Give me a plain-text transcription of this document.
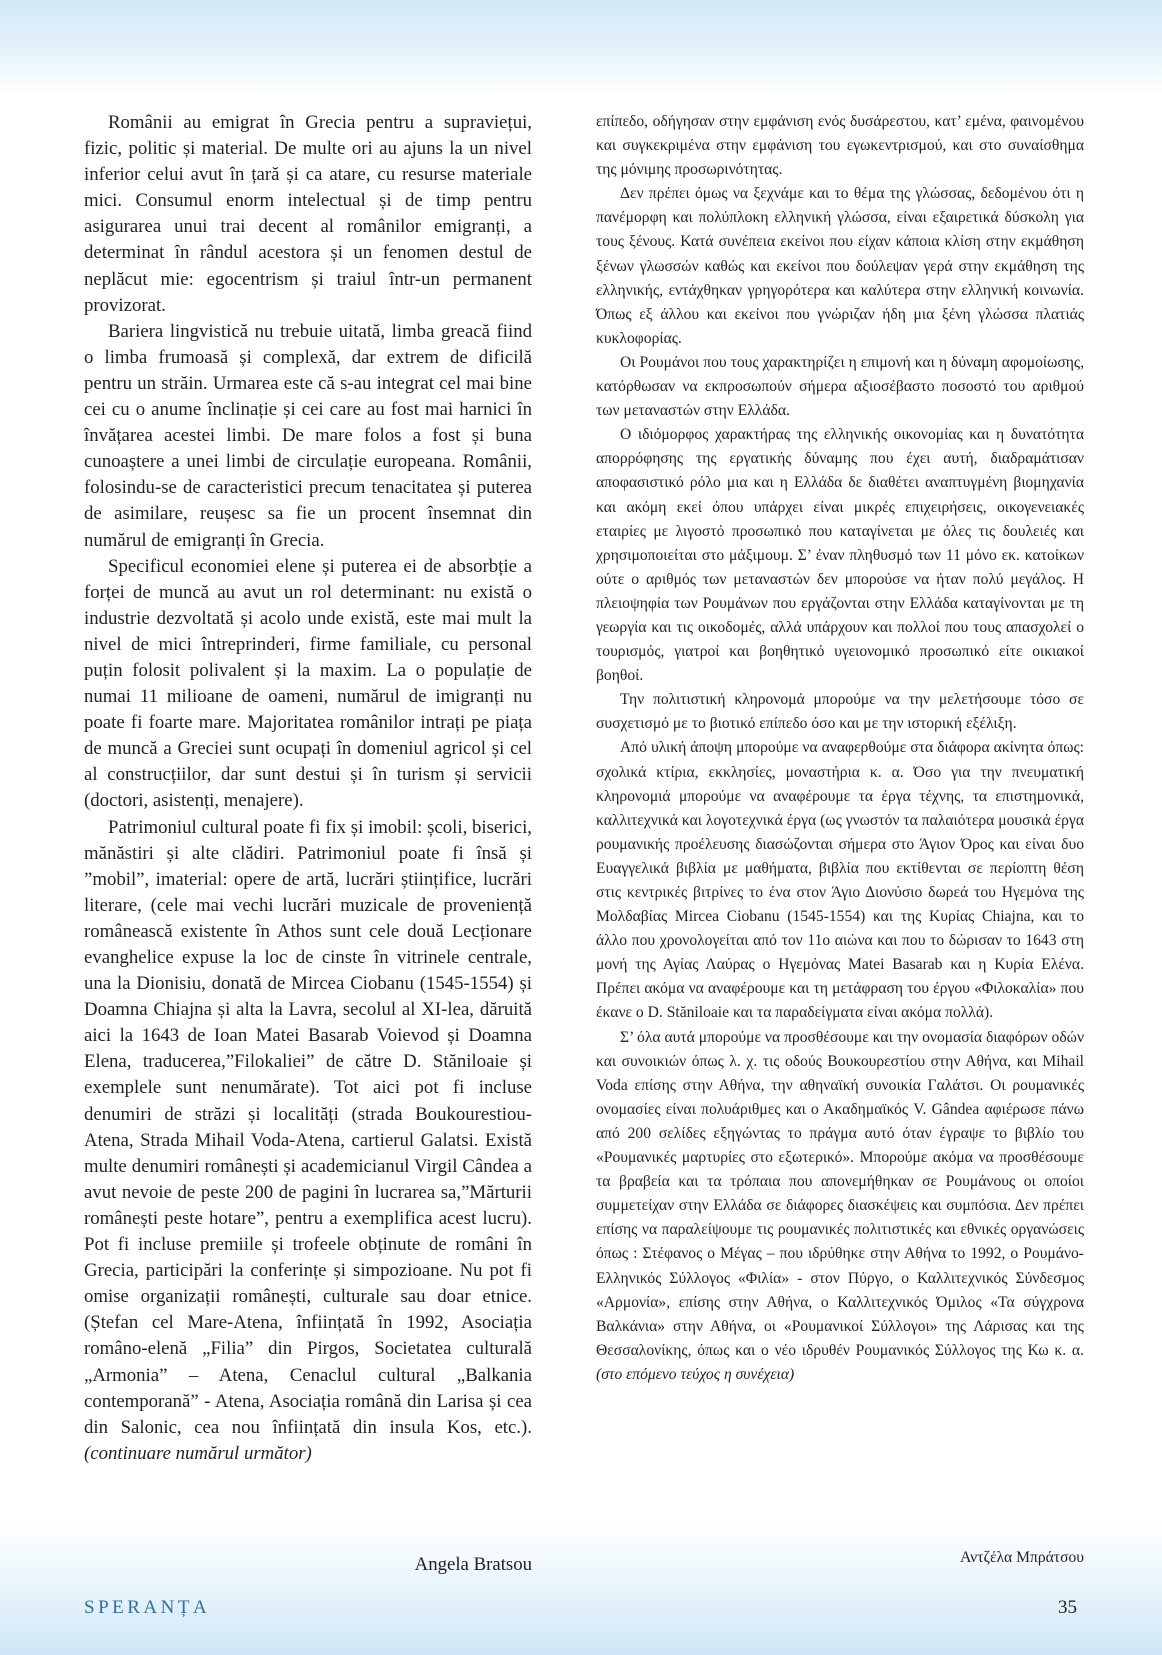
Românii au emigrat în Grecia pentru a supraviețui, fizic, politic și material. De multe ori au ajuns la un nivel inferior celui avut în țară și ca atare, cu resurse materiale mici. Consumul enorm intelectual și de timp pentru asigurarea unui trai decent al românilor emigranți, a determinat în rândul acestora și un fenomen destul de neplăcut mie: egocentrism și traiul într-un permanent provizorat.

Bariera lingvistică nu trebuie uitată, limba greacă fiind o limba frumoasă și complexă, dar extrem de dificilă pentru un străin. Urmarea este că s-au integrat cel mai bine cei cu o anume înclinație și cei care au fost mai harnici în învățarea acestei limbi. De mare folos a fost și buna cunoaștere a unei limbi de circulație europeana. Românii, folosindu-se de caracteristici precum tenacitatea și puterea de asimilare, reușesc sa fie un procent însemnat din numărul de emigranți în Grecia.

Specificul economiei elene și puterea ei de absorbție a forței de muncă au avut un rol determinant: nu există o industrie dezvoltată și acolo unde există, este mai mult la nivel de mici întreprinderi, firme familiale, cu personal puțin folosit polivalent și la maxim. La o populație de numai 11 milioane de oameni, numărul de imigranți nu poate fi foarte mare. Majoritatea românilor intrați pe piața de muncă a Greciei sunt ocupați în domeniul agricol și cel al construcțiilor, dar sunt destui și în turism și servicii (doctori, asistenți, menajere).

Patrimoniul cultural poate fi fix și imobil: școli, biserici, mănăstiri și alte clădiri. Patrimoniul poate fi însă și ”mobil”, imaterial: opere de artă, lucrări științifice, lucrări literare, (cele mai vechi lucrări muzicale de proveniență românească existente în Athos sunt cele două Lecționare evanghelice expuse la loc de cinste în vitrinele centrale, una la Dionisiu, donată de Mircea Ciobanu (1545-1554) și Doamna Chiajna și alta la Lavra, secolul al XI-lea, dăruită aici la 1643 de Ioan Matei Basarab Voievod și Doamna Elena, traducerea,”Filokaliei” de către D. Stăniloaie și exemplele sunt nenumărate). Tot aici pot fi incluse denumiri de străzi și localități (strada Boukourestiou-Atena, Strada Mihail Voda-Atena, cartierul Galatsi. Există multe denumiri românești și academicianul Virgil Cândea a avut nevoie de peste 200 de pagini în lucrarea sa,”Mărturii românești peste hotare”, pentru a exemplifica acest lucru). Pot fi incluse premiile și trofeele obținute de români în Grecia, participări la conferințe și simpozioane. Nu pot fi omise organizații românești, culturale sau doar etnice. (Ștefan cel Mare-Atena, înființată în 1992, Asociația româno-elenă „Filia” din Pirgos, Societatea culturală „Armonia” – Atena, Cenaclul cultural „Balkania contemporană” - Atena, Asociația română din Larisa și cea din Salonic, cea nou înființată din insula Kos, etc.). (continuare numărul următor)

Angela Bratsou

επίπεδο, οδήγησαν στην εμφάνιση ενός δυσάρεστου, κατ’ εμένα, φαινομένου και συγκεκριμένα στην εμφάνιση του εγωκεντρισμού, και στο συναίσθημα της μόνιμης προσωρινότητας.

Δεν πρέπει όμως να ξεχνάμε και το θέμα της γλώσσας, δεδομένου ότι η πανέμορφη και πολύπλοκη ελληνική γλώσσα, είναι εξαιρετικά δύσκολη για τους ξένους. Κατά συνέπεια εκείνοι που είχαν κάποια κλίση στην εκμάθηση ξένων γλωσσών καθώς και εκείνοι που δούλεψαν γερά στην εκμάθηση της ελληνικής, εντάχθηκαν γρηγορότερα και καλύτερα στην ελληνική κοινωνία. Όπως εξ άλλου και εκείνοι που γνώριζαν ήδη μια ξένη γλώσσα πλατιάς κυκλοφορίας.

Οι Ρουμάνοι που τους χαρακτηρίζει η επιμονή και η δύναμη αφομοίωσης, κατόρθωσαν να εκπροσωπούν σήμερα αξιοσέβαστο ποσοστό του αριθμού των μεταναστών στην Ελλάδα.

Ο ιδιόμορφος χαρακτήρας της ελληνικής οικονομίας και η δυνατότητα απορρόφησης της εργατικής δύναμης που έχει αυτή, διαδραμάτισαν αποφασιστικό ρόλο μια και η Ελλάδα δε διαθέτει αναπτυγμένη βιομηχανία και ακόμη εκεί όπου υπάρχει είναι μικρές επιχειρήσεις, οικογενειακές εταιρίες με λιγοστό προσωπικό που καταγίνεται με όλες τις δουλειές και χρησιμοποιείται στο μάξιμουμ. Σ’ έναν πληθυσμό των 11 μόνο εκ. κατοίκων ούτε ο αριθμός των μεταναστών δεν μπορούσε να ήταν πολύ μεγάλος. Η πλειοψηφία των Ρουμάνων που εργάζονται στην Ελλάδα καταγίνονται με τη γεωργία και τις οικοδομές, αλλά υπάρχουν και πολλοί που τους απασχολεί ο τουρισμός, γιατροί και βοηθητικό υγειονομικό προσωπικό είτε οικιακοί βοηθοί.

Την πολιτιστική κληρονομά μπορούμε να την μελετήσουμε τόσο σε συσχετισμό με το βιοτικό επίπεδο όσο και με την ιστορική εξέλιξη.

Από υλική άποψη μπορούμε να αναφερθούμε στα διάφορα ακίνητα όπως: σχολικά κτίρια, εκκλησίες, μοναστήρια κ. α. Όσο για την πνευματική κληρονομιά μπορούμε να αναφέρουμε τα έργα τέχνης, τα επιστημονικά, καλλιτεχνικά και λογοτεχνικά έργα (ως γνωστόν τα παλαιότερα μουσικά έργα ρουμανικής προέλευσης διασώζονται σήμερα στο Άγιον Όρος και είναι δυο Ευαγγελικά βιβλία με μαθήματα, βιβλία που εκτίθενται σε περίοπτη θέση στις κεντρικές βιτρίνες το ένα στον Άγιο Διονύσιο δωρεά του Ηγεμόνα της Μολδαβίας Mircea Ciobanu (1545-1554) και της Κυρίας Chiajna, και το άλλο που χρονολογείται από τον 11ο αιώνα και που το δώρισαν το 1643 στη μονή της Αγίας Λαύρας ο Ηγεμόνας Matei Basarab και η Κυρία Ελένα. Πρέπει ακόμα να αναφέρουμε και τη μετάφραση του έργου «Φιλοκαλία» που έκανε ο D. Stăniloaie και τα παραδείγματα είναι ακόμα πολλά).

Σ’ όλα αυτά μπορούμε να προσθέσουμε και την ονομασία διαφόρων οδών και συνοικιών όπως λ. χ. τις οδούς Βουκουρεστίου στην Αθήνα, και Mihail Voda επίσης στην Αθήνα, την αθηναϊκή συνοικία Γαλάτσι. Οι ρουμανικές ονομασίες είναι πολυάριθμες και ο Ακαδημαϊκός V. Gândea αφιέρωσε πάνω από 200 σελίδες εξηγώντας το πράγμα αυτό όταν έγραψε το βιβλίο του «Ρουμανικές μαρτυρίες στο εξωτερικό». Μπορούμε ακόμα να προσθέσουμε τα βραβεία και τα τρόπαια που απονεμήθηκαν σε Ρουμάνους οι οποίοι συμμετείχαν στην Ελλάδα σε διάφορες διασκέψεις και συμπόσια. Δεν πρέπει επίσης να παραλείψουμε τις ρουμανικές πολιτιστικές και εθνικές οργανώσεις όπως : Στέφανος ο Μέγας – που ιδρύθηκε στην Αθήνα το 1992, ο Ρουμάνο-Ελληνικός Σύλλογος «Φιλία» - στον Πύργο, ο Καλλιτεχνικός Σύνδεσμος «Αρμονία», επίσης στην Αθήνα, ο Καλλιτεχνικός Όμιλος «Τα σύγχρονα Βαλκάνια» στην Αθήνα, οι «Ρουμανικοί Σύλλογοι» της Λάρισας και της Θεσσαλονίκης, όπως και ο νέο ιδρυθέν Ρουμανικός Σύλλογος της Κω κ. α. (στο επόμενο τεύχος η συνέχεια)

Αντζέλα Μπράτσου
SPERANȚA	35
